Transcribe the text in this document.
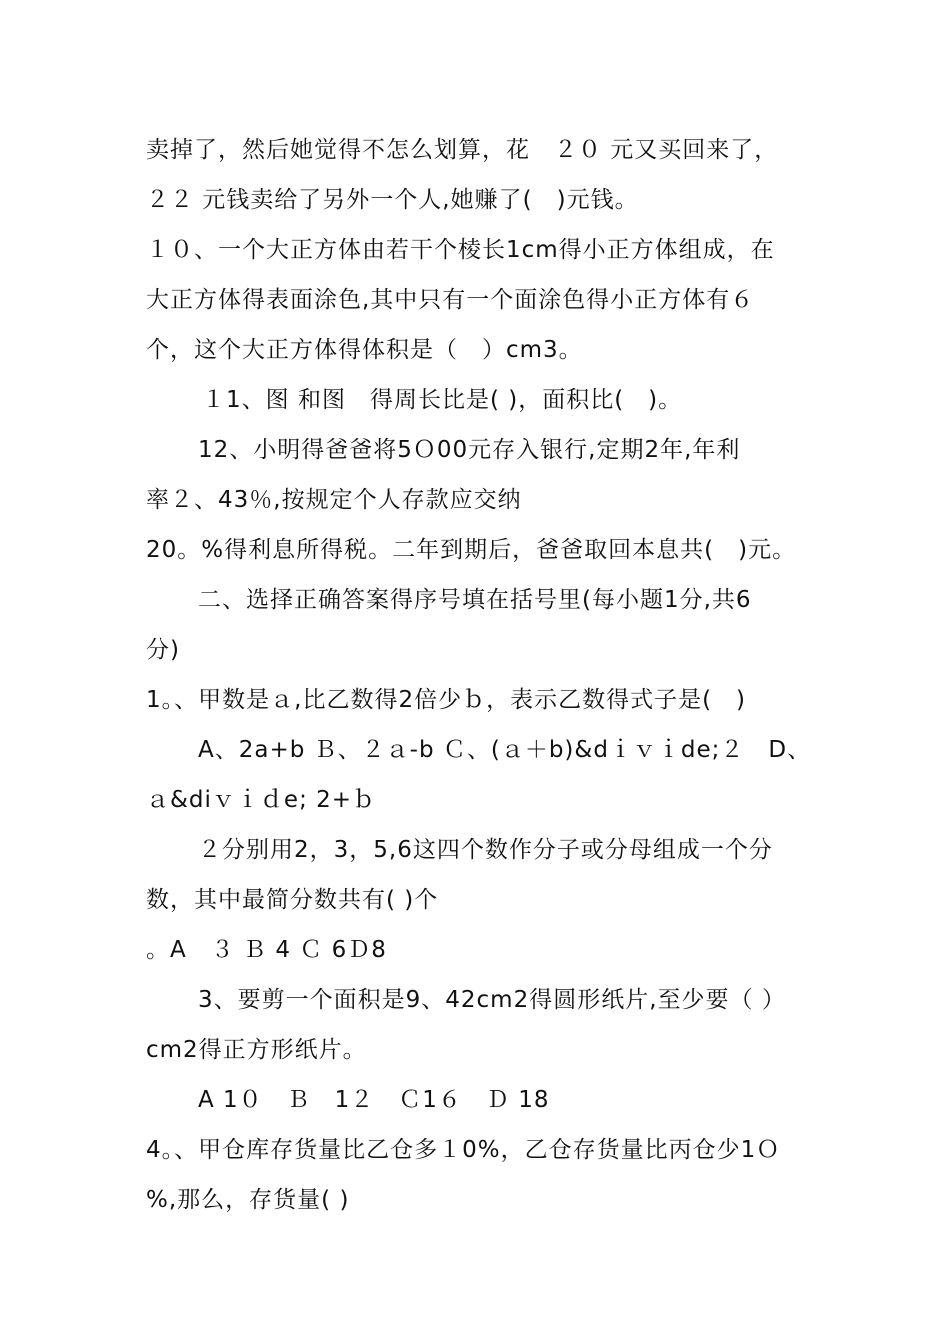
卖掉了，然后她觉得不怎么划算，花　２０ 元又买回来了，
２２ 元钱卖给了另外一个人,她赚了(　)元钱。
１０、一个大正方体由若干个棱长1cm得小正方体组成，在
大正方体得表面涂色,其中只有一个面涂色得小正方体有６
个，这个大正方体得体积是（　）cm3。
１1、图 和图　得周长比是( )，面积比(　)。
12、小明得爸爸将5Ｏ00元存入银行,定期2年,年利
率２、43％,按规定个人存款应交纳
20。%得利息所得税。二年到期后，爸爸取回本息共(　)元。
二、选择正确答案得序号填在括号里(每小题1分,共6
分)
1。、甲数是ａ,比乙数得2倍少ｂ，表示乙数得式子是(　)
A、2a+b Ｂ、２ａ-b Ｃ、(ａ＋b)&dｉｖｉde;２　D、
ａ&diｖｉｄe; 2+ｂ
２分别用2，3，5,6这四个数作分子或分母组成一个分
数，其中最简分数共有( )个
。A　３ Ｂ 4 Ｃ 6Ｄ8
3、要剪一个面积是9、42cm2得圆形纸片,至少要（ ）
cm2得正方形纸片。
A 1０　Ｂ　1２　Ｃ1６　Ｄ 18
4。、甲仓库存货量比乙仓多１0%，乙仓存货量比丙仓少1Ｏ
%,那么，存货量( )
